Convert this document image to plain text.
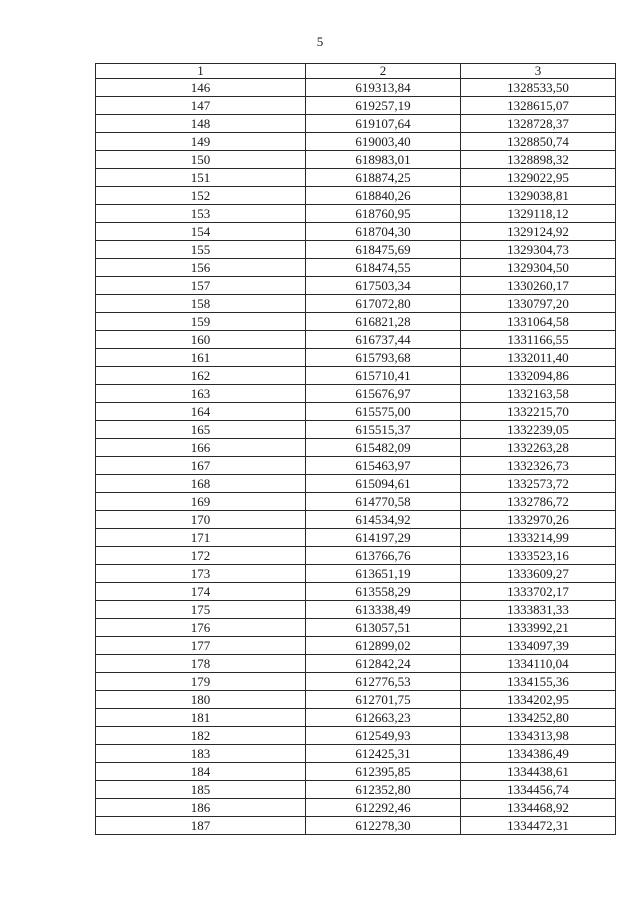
5
1	2	3
146	619313,84	1328533,50
147	619257,19	1328615,07
148	619107,64	1328728,37
149	619003,40	1328850,74
150	618983,01	1328898,32
151	618874,25	1329022,95
152	618840,26	1329038,81
153	618760,95	1329118,12
154	618704,30	1329124,92
155	618475,69	1329304,73
156	618474,55	1329304,50
157	617503,34	1330260,17
158	617072,80	1330797,20
159	616821,28	1331064,58
160	616737,44	1331166,55
161	615793,68	1332011,40
162	615710,41	1332094,86
163	615676,97	1332163,58
164	615575,00	1332215,70
165	615515,37	1332239,05
166	615482,09	1332263,28
167	615463,97	1332326,73
168	615094,61	1332573,72
169	614770,58	1332786,72
170	614534,92	1332970,26
171	614197,29	1333214,99
172	613766,76	1333523,16
173	613651,19	1333609,27
174	613558,29	1333702,17
175	613338,49	1333831,33
176	613057,51	1333992,21
177	612899,02	1334097,39
178	612842,24	1334110,04
179	612776,53	1334155,36
180	612701,75	1334202,95
181	612663,23	1334252,80
182	612549,93	1334313,98
183	612425,31	1334386,49
184	612395,85	1334438,61
185	612352,80	1334456,74
186	612292,46	1334468,92
187	612278,30	1334472,31
